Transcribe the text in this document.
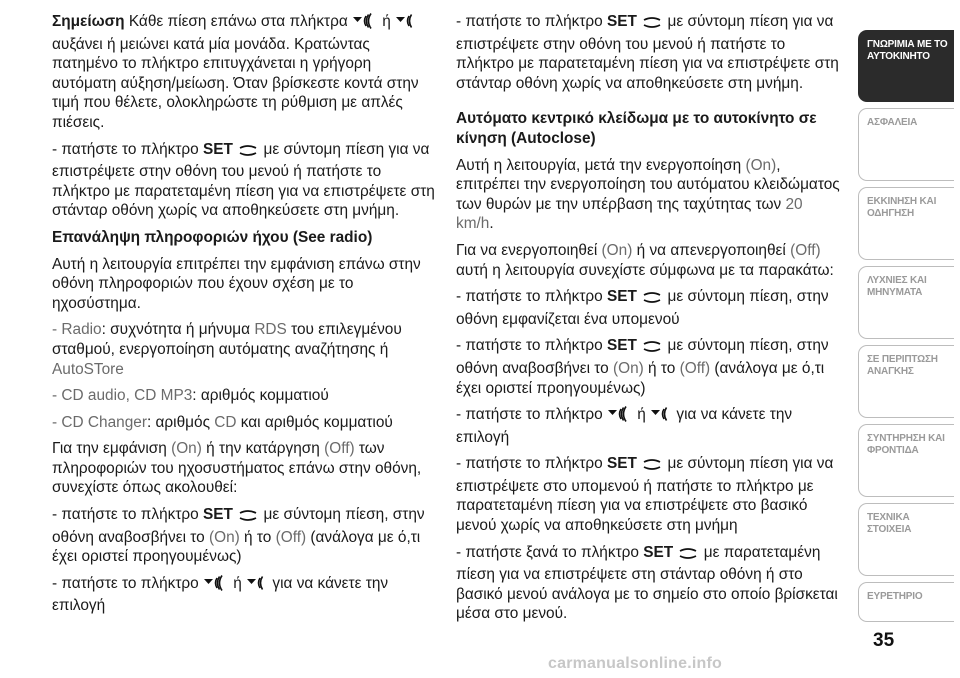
Σημείωση Κάθε πίεση επάνω στα πλήκτρα  ή  αυξάνει ή μειώνει κατά μία μονάδα. Κρατώντας πατημένο το πλήκτρο επιτυγχάνεται η γρήγορη αυτόματη αύξηση/μείωση. Όταν βρίσκεστε κοντά στην τιμή που θέλετε, ολοκληρώστε τη ρύθμιση με απλές πιέσεις.

- πατήστε το πλήκτρο SET  με σύντομη πίεση για να επιστρέψετε στην οθόνη του μενού ή πατήστε το πλήκτρο με παρατεταμένη πίεση για να επιστρέψετε στη στάνταρ οθόνη χωρίς να αποθηκεύσετε στη μνήμη.

Επανάληψη πληροφοριών ήχου (See radio)

Αυτή η λειτουργία επιτρέπει την εμφάνιση επάνω στην οθόνη πληροφοριών που έχουν σχέση με το ηχοσύστημα.

- Radio: συχνότητα ή μήνυμα RDS του επιλεγμένου σταθμού, ενεργοποίηση αυτόματης αναζήτησης ή AutoSTore

- CD audio, CD MP3: αριθμός κομματιού

- CD Changer: αριθμός CD και αριθμός κομματιού

Για την εμφάνιση (On) ή την κατάργηση (Off) των πληροφοριών του ηχοσυστήματος επάνω στην οθόνη, συνεχίστε όπως ακολουθεί:

- πατήστε το πλήκτρο SET  με σύντομη πίεση, στην οθόνη αναβοσβήνει το (On) ή το (Off) (ανάλογα με ό,τι έχει οριστεί προηγουμένως)

- πατήστε το πλήκτρο  ή  για να κάνετε την επιλογή

- πατήστε το πλήκτρο SET  με σύντομη πίεση για να επιστρέψετε στην οθόνη του μενού ή πατήστε το πλήκτρο με παρατεταμένη πίεση για να επιστρέψετε στη στάνταρ οθόνη χωρίς να αποθηκεύσετε στη μνήμη.

Αυτόματο κεντρικό κλείδωμα με το αυτοκίνητο σε κίνηση (Autoclose)

Αυτή η λειτουργία, μετά την ενεργοποίηση (On), επιτρέπει την ενεργοποίηση του αυτόματου κλειδώματος των θυρών με την υπέρβαση της ταχύτητας των 20 km/h.

Για να ενεργοποιηθεί (On) ή να απενεργοποιηθεί (Off) αυτή η λειτουργία συνεχίστε σύμφωνα με τα παρακάτω:

- πατήστε το πλήκτρο SET  με σύντομη πίεση, στην οθόνη εμφανίζεται ένα υπομενού

- πατήστε το πλήκτρο SET  με σύντομη πίεση, στην οθόνη αναβοσβήνει το (On) ή το (Off) (ανάλογα με ό,τι έχει οριστεί προηγουμένως)

- πατήστε το πλήκτρο  ή  για να κάνετε την επιλογή

- πατήστε το πλήκτρο SET  με σύντομη πίεση για να επιστρέψετε στο υπομενού ή πατήστε το πλήκτρο με παρατεταμένη πίεση για να επιστρέψετε στο βασικό μενού χωρίς να αποθηκεύσετε στη μνήμη

- πατήστε ξανά το πλήκτρο SET  με παρατεταμένη πίεση για να επιστρέψετε στη στάνταρ οθόνη ή στο βασικό μενού ανάλογα με το σημείο στο οποίο βρίσκεται μέσα στο μενού.

ΓΝΩΡΙΜΙΑ ΜΕ ΤΟ
ΑΥΤΟΚΙΝΗΤΟ
ΑΣΦΑΛΕΙΑ
ΕΚΚΙΝΗΣΗ ΚΑΙ
ΟΔΗΓΗΣΗ
ΛΥΧΝΙΕΣ ΚΑΙ
ΜΗΝΥΜΑΤΑ
ΣΕ ΠΕΡΙΠΤΩΣΗ
ΑΝΑΓΚΗΣ
ΣΥΝΤΗΡΗΣΗ ΚΑΙ
ΦΡΟΝΤΙΔΑ
ΤΕΧΝΙΚΑ ΣΤΟΙΧΕΙΑ
ΕΥΡΕΤΗΡΙΟ
35
carmanualsonline.info
